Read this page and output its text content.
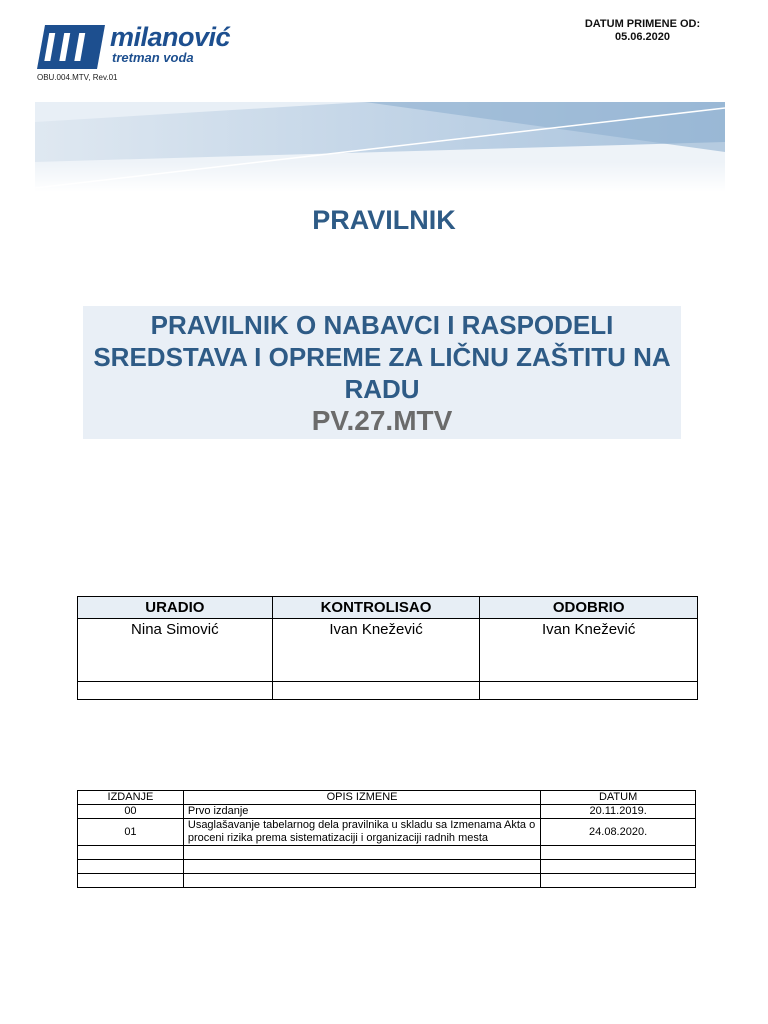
milanović
tretman voda
OBU.004.MTV, Rev.01
DATUM PRIMENE OD:
05.06.2020
PRAVILNIK
PRAVILNIK O NABAVCI I RASPODELI SREDSTAVA I OPREME ZA LIČNU ZAŠTITU NA RADU
PV.27.MTV
URADIO	KONTROLISAO	ODOBRIO
Nina Simović	Ivan Knežević	Ivan Knežević

IZDANJE	OPIS IZMENE	DATUM
00	Prvo izdanje	20.11.2019.
01	Usaglašavanje tabelarnog dela pravilnika u skladu sa Izmenama Akta o proceni rizika prema sistematizaciji i organizaciji radnih mesta	24.08.2020.
